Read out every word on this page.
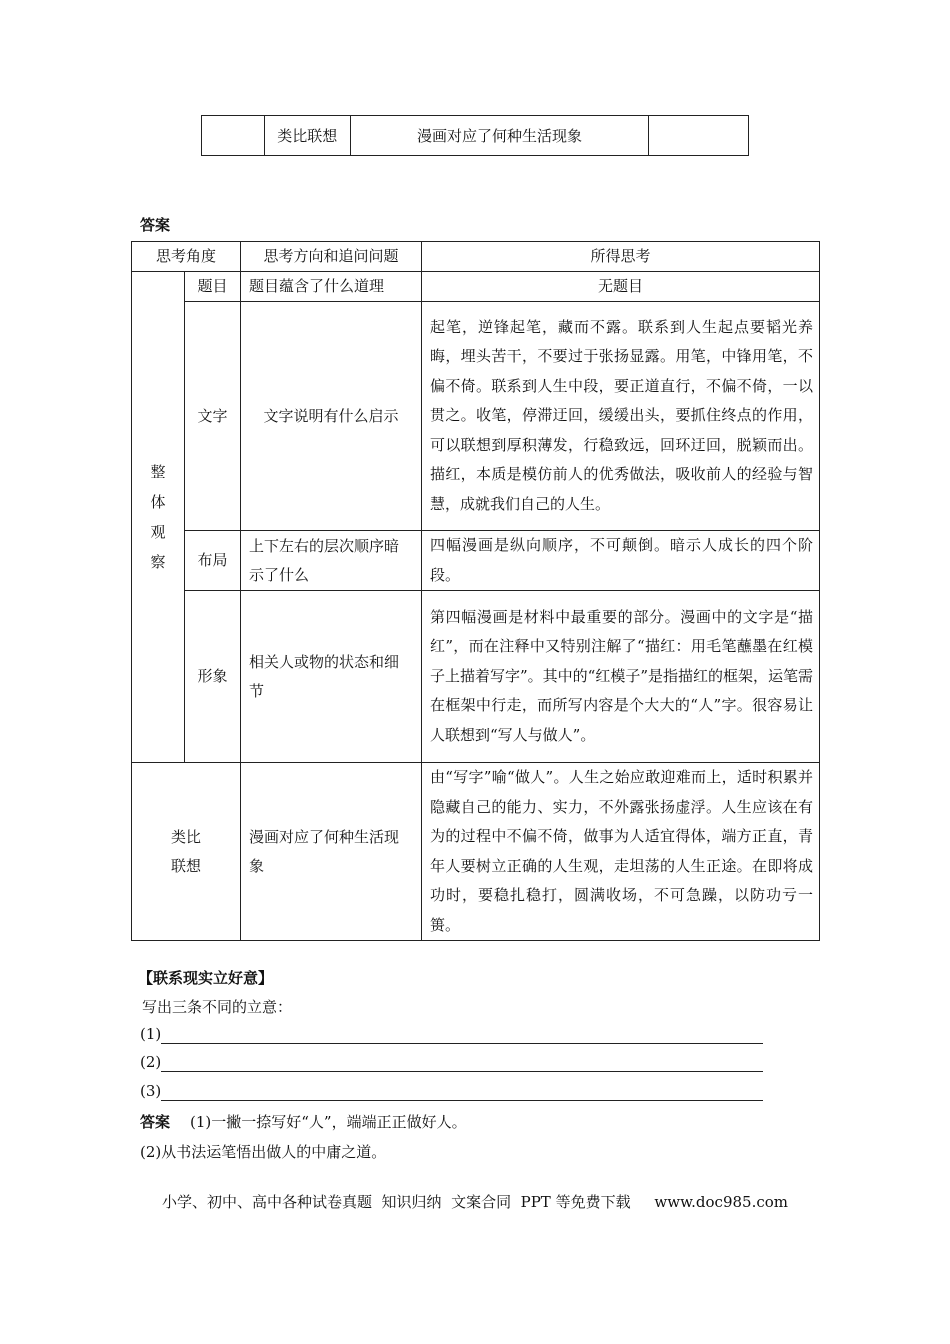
	类比联想	漫画对应了何种生活现象	
答案
思考角度		思考方向和追问问题	所得思考

整
体
观
察	题目	题目蕴含了什么道理	无题目
	文字	文字说明有什么启示	起笔，逆锋起笔，藏而不露。联系到人生起点要韬光养晦，埋头苦干，不要过于张扬显露。用笔，中锋用笔，不偏不倚。联系到人生中段，要正道直行，不偏不倚，一以贯之。收笔，停滞迂回，缓缓出头，要抓住终点的作用，可以联想到厚积薄发，行稳致远，回环迂回，脱颖而出。描红，本质是模仿前人的优秀做法，吸收前人的经验与智慧，成就我们自己的人生。
	布局	上下左右的层次顺序暗示了什么	四幅漫画是纵向顺序，不可颠倒。暗示人成长的四个阶段。
	形象	相关人或物的状态和细节	第四幅漫画是材料中最重要的部分。漫画中的文字是“描红”，而在注释中又特别注解了“描红：用毛笔蘸墨在红模子上描着写字”。其中的“红模子”是指描红的框架，运笔需在框架中行走，而所写内容是个大大的“人”字。很容易让人联想到“写人与做人”。

类比
联想		漫画对应了何种生活现象	由“写字”喻“做人”。人生之始应敢迎难而上，适时积累并隐藏自己的能力、实力，不外露张扬虚浮。人生应该在有为的过程中不偏不倚，做事为人适宜得体，端方正直，青年人要树立正确的人生观，走坦荡的人生正途。在即将成功时，要稳扎稳打，圆满收场，不可急躁，以防功亏一篑。
【联系现实立好意】
写出三条不同的立意：
(1)
(2)
(3)
答案 (1)一撇一捺写好“人”，端端正正做好人。
(2)从书法运笔悟出做人的中庸之道。
小学、初中、高中各种试卷真题  知识归纳  文案合同  PPT 等免费下载     www.doc985.com
